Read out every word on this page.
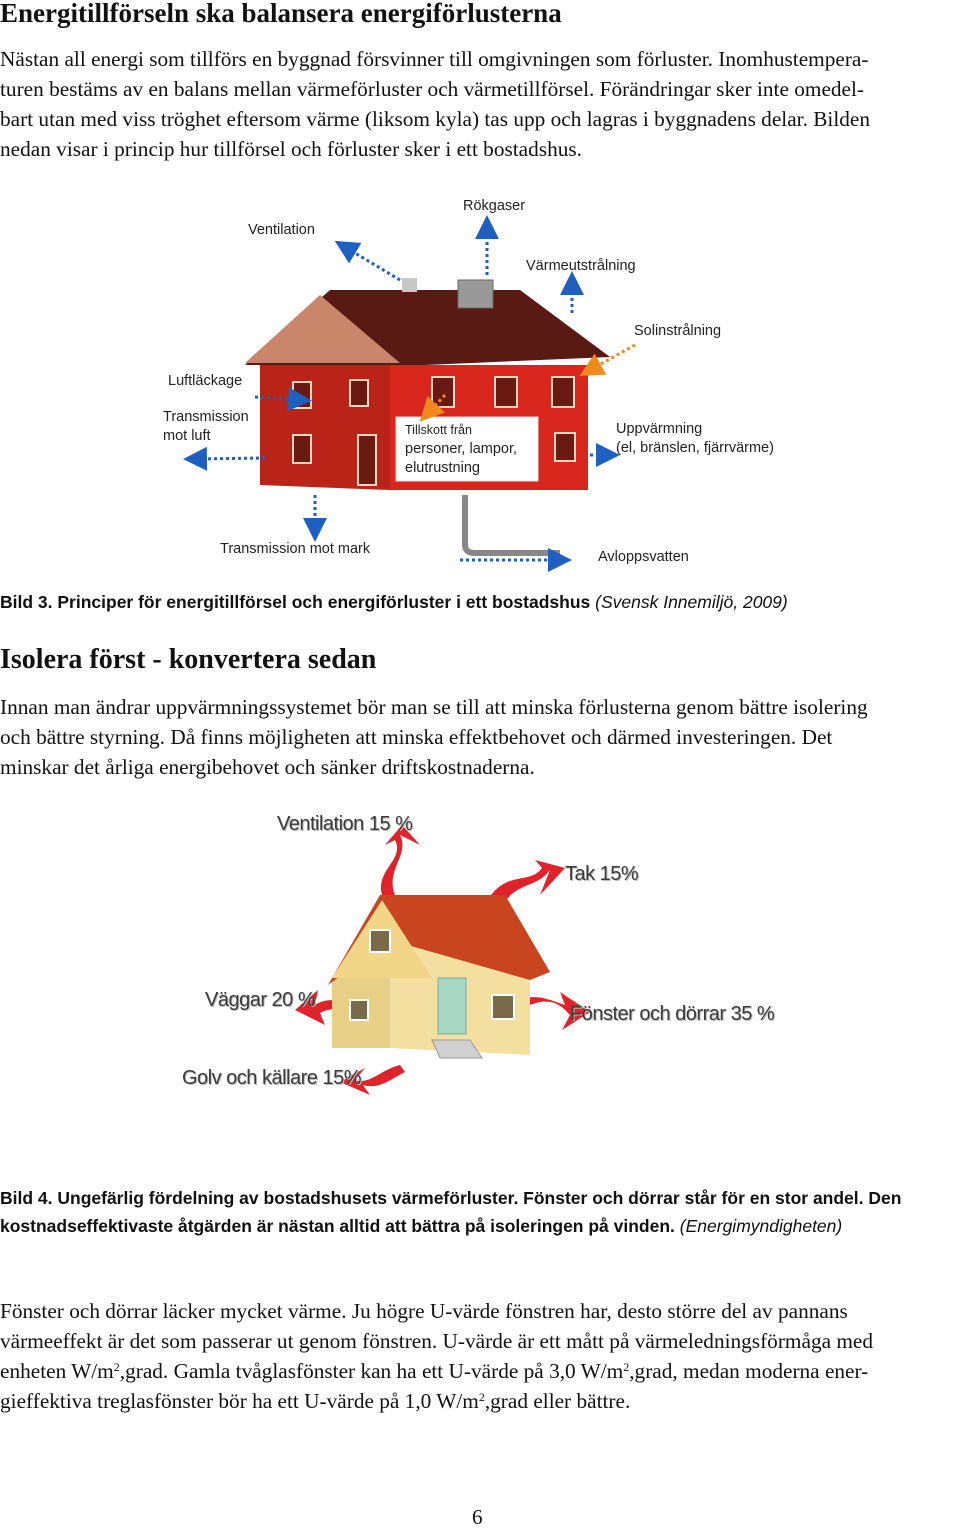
Energitillförseln ska balansera energiförlusterna

Nästan all energi som tillförs en byggnad försvinner till omgivningen som förluster. Inomhustempera-
turen bestäms av en balans mellan värmeförluster och värmetillförsel. Förändringar sker inte omedel-
bart utan med viss tröghet eftersom värme (liksom kyla) tas upp och lagras i byggnadens delar. Bilden
nedan visar i princip hur tillförsel och förluster sker i ett bostadshus.

Rökgaser
Ventilation
Värmeutstrålning
Solinstrålning
Luftläckage
Transmission
mot luft	Tillskott från
personer, lampor,
elutrustning
Uppvärmning
(el, bränslen, fjärrvärme)
Transmission mot mark	Avloppsvatten

Bild 3. Principer för energitillförsel och energiförluster i ett bostadshus (Svensk Innemiljö, 2009)

Isolera först - konvertera sedan

Innan man ändrar uppvärmningssystemet bör man se till att minska förlusterna genom bättre isolering
och bättre styrning. Då finns möjligheten att minska effektbehovet och därmed investeringen. Det
minskar det årliga energibehovet och sänker driftskostnaderna.

Ventilation 15 %
Tak 15%
Väggar 20 %
Fönster och dörrar 35 %
Golv och källare 15%

Bild 4. Ungefärlig fördelning av bostadshusets värmeförluster. Fönster och dörrar står för en stor andel. Den
kostnadseffektivaste åtgärden är nästan alltid att bättra på isoleringen på vinden. (Energimyndigheten)

Fönster och dörrar läcker mycket värme. Ju högre U-värde fönstren har, desto större del av pannans
värmeeffekt är det som passerar ut genom fönstren. U-värde är ett mått på värmeledningsförmåga med
enheten $W/m^2,grad$. Gamla tvåglasfönster kan ha ett U-värde på 3,0 $W/m^2,grad$, medan moderna ener-
gieffektiva treglasfönster bör ha ett U-värde på 1,0 $W/m^2,grad$ eller bättre.

6
